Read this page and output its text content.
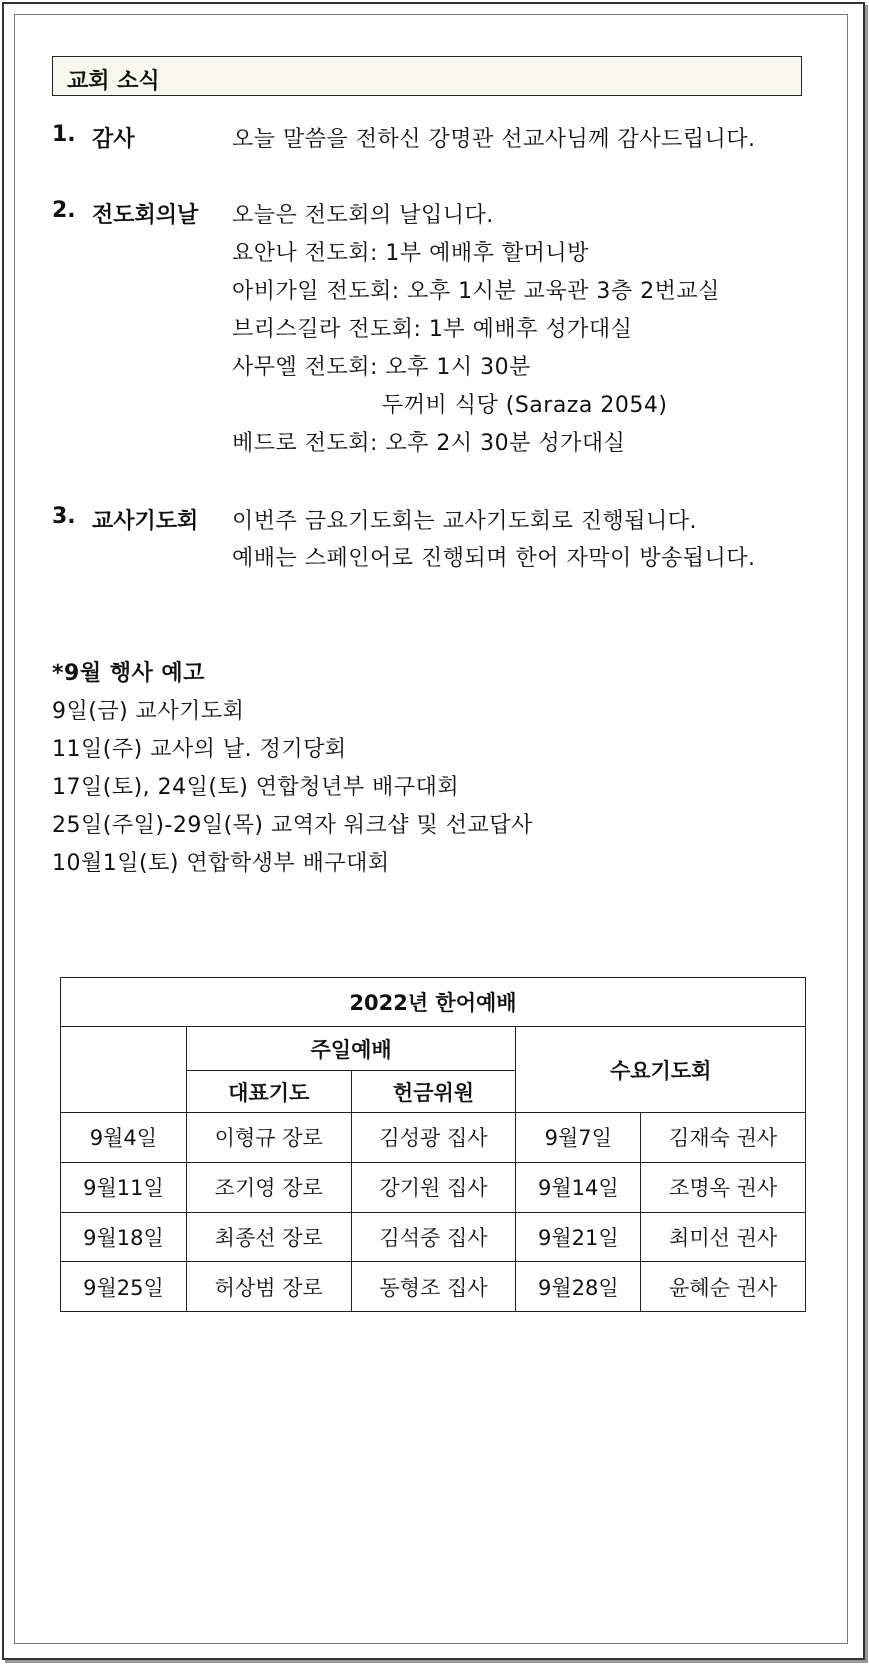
교회 소식
1. 감사	오늘 말씀을 전하신 강명관 선교사님께 감사드립니다.
2. 전도회의날 오늘은 전도회의 날입니다.
요안나 전도회: 1부 예배후 할머니방
아비가일 전도회: 오후 1시분 교육관 3층 2번교실
브리스길라 전도회: 1부 예배후 성가대실
사무엘 전도회: 오후 1시 30분
두꺼비 식당 (Saraza 2054)
베드로 전도회: 오후 2시 30분 성가대실
3. 교사기도회 이번주 금요기도회는 교사기도회로 진행됩니다.
예배는 스페인어로 진행되며 한어 자막이 방송됩니다.
*9월 행사 예고
9일(금) 교사기도회
11일(주) 교사의 날. 정기당회
17일(토), 24일(토) 연합청년부 배구대회
25일(주일)-29일(목) 교역자 워크샵 및 선교답사
10월1일(토) 연합학생부 배구대회
2022년 한어예배				
	주일예배		수요기도회	
	대표기도	헌금위원		
9월4일	이형규 장로	김성광 집사	9월7일	김재숙 권사
9월11일	조기영 장로	강기원 집사	9월14일	조명옥 권사
9월18일	최종선 장로	김석중 집사	9월21일	최미선 권사
9월25일	허상범 장로	동형조 집사	9월28일	윤혜순 권사
